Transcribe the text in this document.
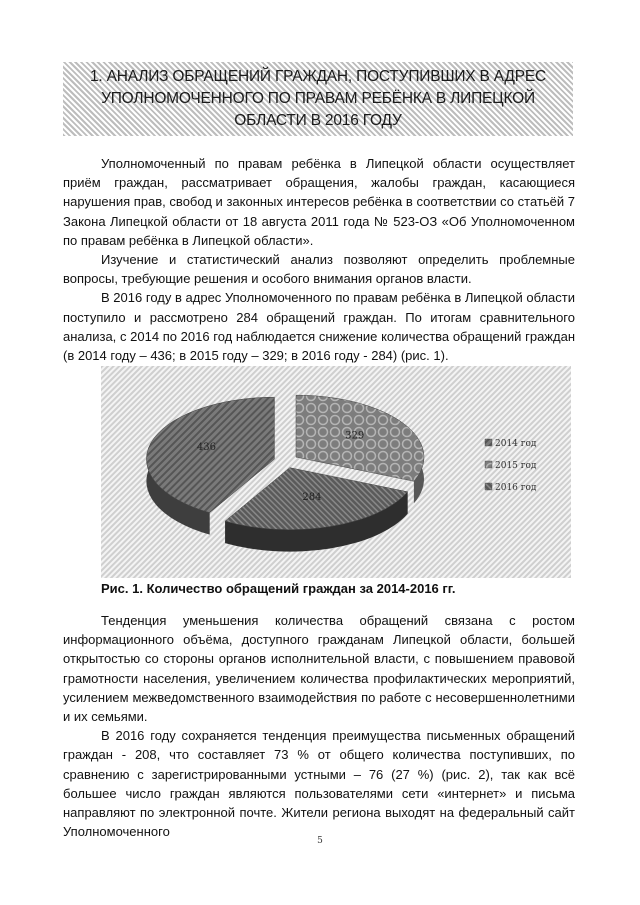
1. АНАЛИЗ ОБРАЩЕНИЙ ГРАЖДАН, ПОСТУПИВШИХ В АДРЕС
УПОЛНОМОЧЕННОГО ПО ПРАВАМ РЕБЁНКА В ЛИПЕЦКОЙ
ОБЛАСТИ В 2016 ГОДУ

Уполномоченный по правам ребёнка в Липецкой области осуществляет приём граждан, рассматривает обращения, жалобы граждан, касающиеся нарушения прав, свобод и законных интересов ребёнка в соответствии со статьёй 7 Закона Липецкой области от 18 августа 2011 года № 523-ОЗ «Об Уполномоченном по правам ребёнка в Липецкой области».

Изучение и статистический анализ позволяют определить проблемные вопросы, требующие решения и особого внимания органов власти.

В 2016 году в адрес Уполномоченного по правам ребёнка в Липецкой области поступило и рассмотрено 284 обращений граждан. По итогам сравнительного анализа, с 2014 по 2016 год наблюдается снижение количества обращений граждан (в 2014 году – 436; в 2015 году – 329; в 2016 году - 284) (рис. 1).

436
329
284
2014 год
2015 год
2016 год
Рис. 1. Количество обращений граждан за 2014-2016 гг.

Тенденция уменьшения количества обращений связана с ростом информационного объёма, доступного гражданам Липецкой области, большей открытостью со стороны органов исполнительной власти, с повышением правовой грамотности населения, увеличением количества профилактических мероприятий, усилением межведомственного взаимодействия по работе с несовершеннолетними и их семьями.

В 2016 году сохраняется тенденция преимущества письменных обращений граждан - 208, что составляет 73 % от общего количества поступивших, по сравнению с зарегистрированными устными – 76 (27 %) (рис. 2), так как всё большее число граждан являются пользователями сети «интернет» и письма направляют по электронной почте. Жители региона выходят на федеральный сайт Уполномоченного

5
